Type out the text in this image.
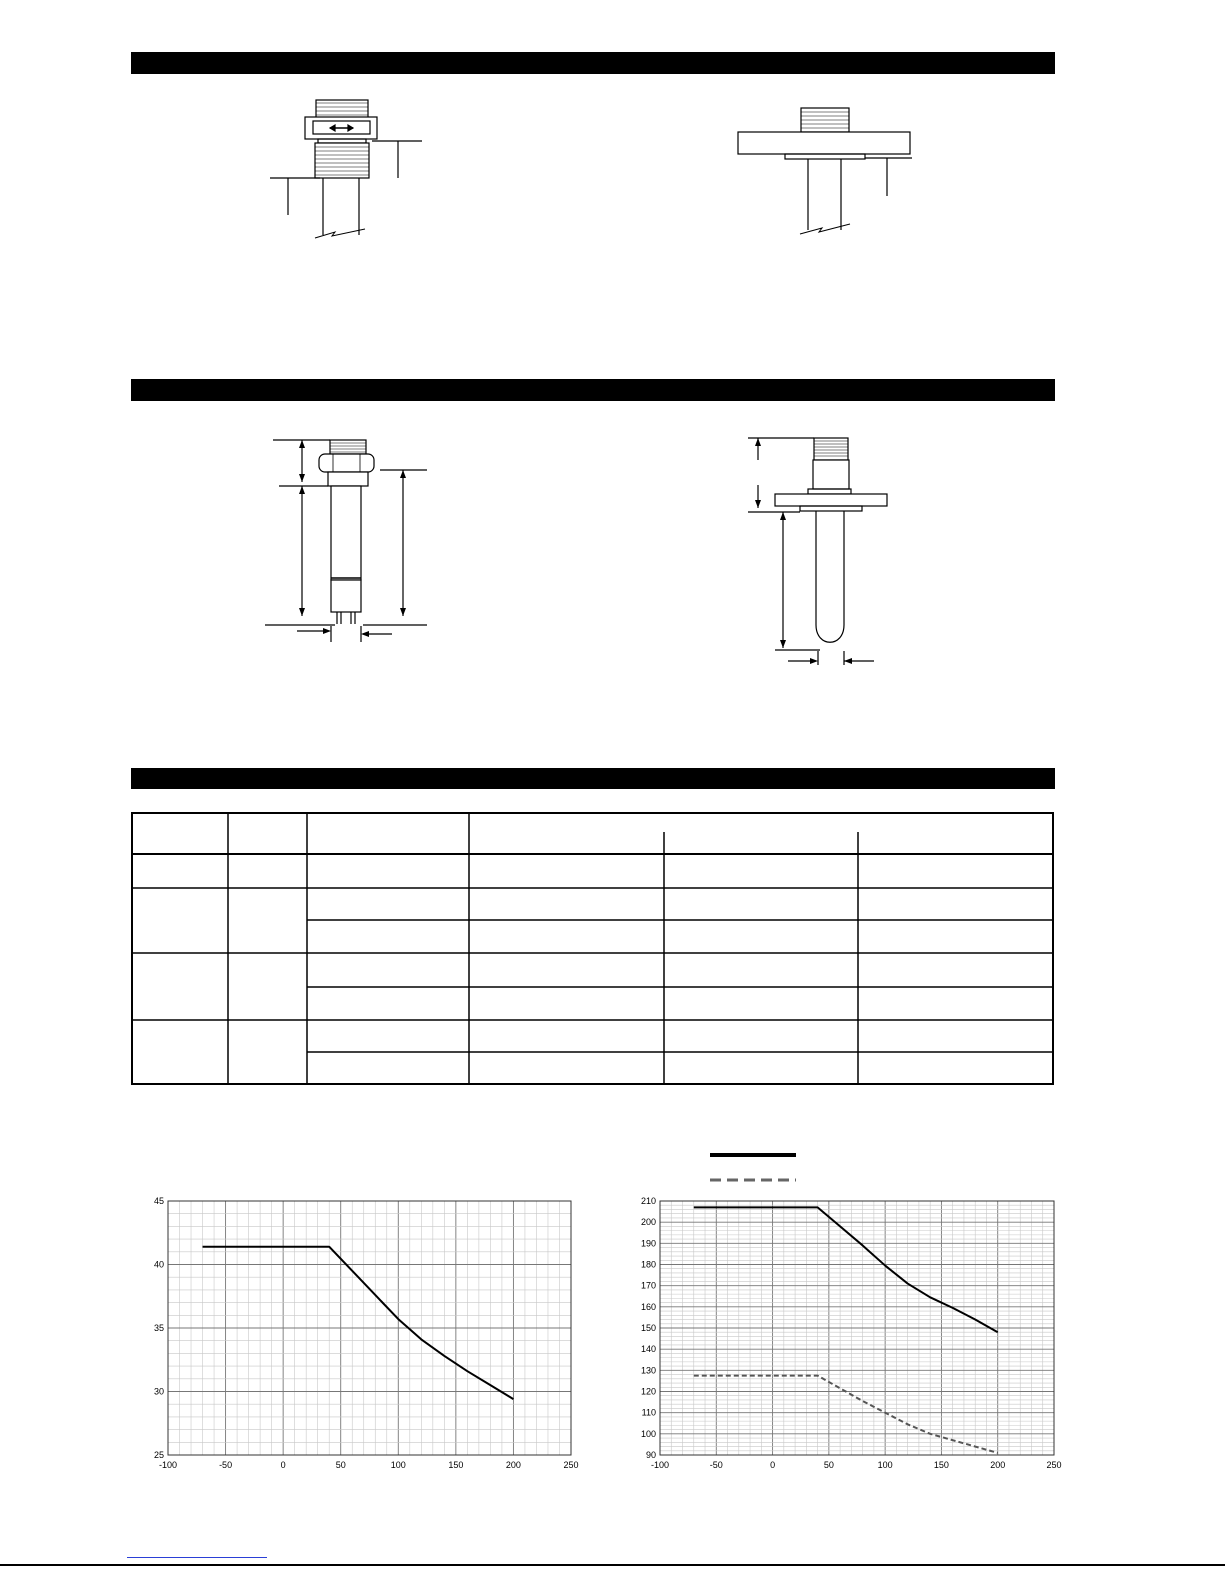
-100	-50	0	50	100	150	200	250
25
30
35
40
45
-100	-50	0	50	100	150	200	250
90
100
110
120
130
140
150
160
170
180
190
200
210
